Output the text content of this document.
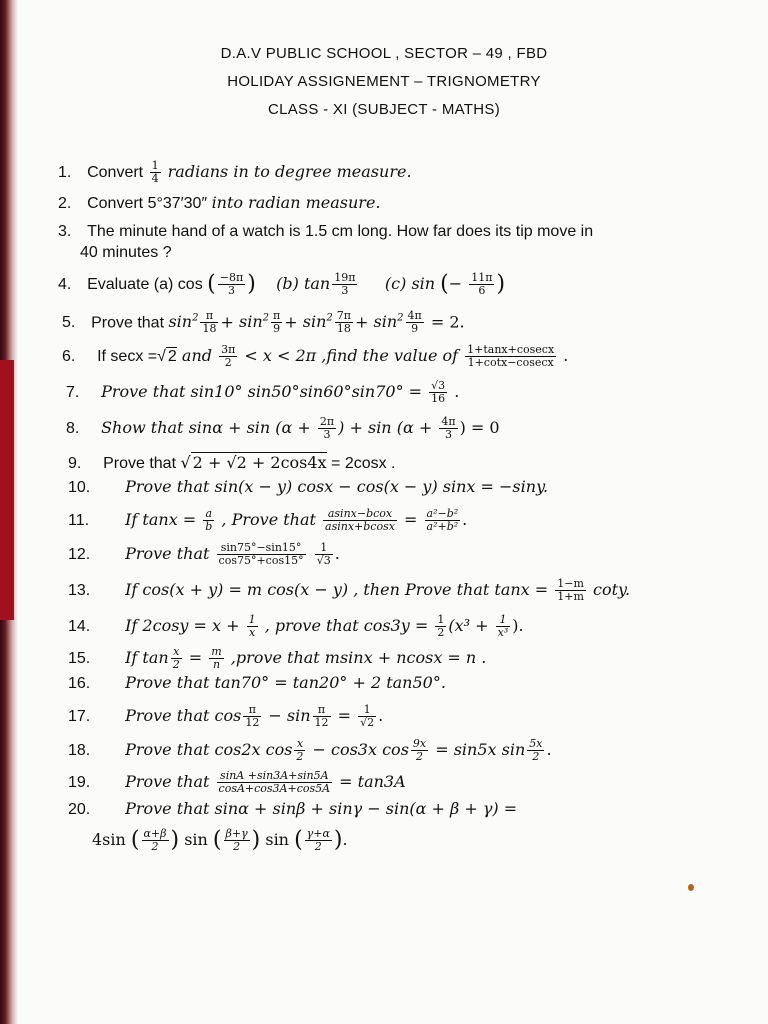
D.A.V PUBLIC SCHOOL , SECTOR – 49 , FBD
HOLIDAY ASSIGNEMENT – TRIGNOMETRY
CLASS - XI (SUBJECT - MATHS)
1. Convert $\frac{1}{4}$ radians in to degree measure.
2. Convert 5°37′30″ into radian measure.
3. The minute hand of a watch is 1.5 cm long. How far does its tip move in
40 minutes ?
4. Evaluate (a) cos ( $\frac{-8\pi}{3}$ ) (b) $\tan \frac{19\pi}{3} (c)$ sin (− $\frac{11\pi}{6}$ )
5. Prove that $\sin^2 \frac{\pi}{18} + \sin^2 \frac{\pi}{9} + \sin^2 \frac{7\pi}{18} + \sin^2 \frac{4\pi}{9} = 2$.
6. If secx =√ 2 and $\frac{3\pi}{2} < x < 2\pi$ ,find the value of $\frac{1+\tan x+cosecx}{1+\cot x-cosecx}$ .
7. Prove that sin10° $\sin 50^\circ\sin 60^\circ\sin 70^\circ = \frac{√3}{16}$ .
8. Show that $\sin\alpha + \sin (\alpha + \frac{2\pi}{3}$ ) + $\sin (\alpha + \frac{4\pi}{3}$ ) = 0
9. Prove that √ 2 + √2 + 2cos4x = 2cosx .
10. Prove that sin(x − y) cosx − cos(x − y) sinx = −siny.
11. If $\tan x = \frac{a}{b}$ , Prove that $\frac{\text{asinx−bcox}}{asinx+bcosx} = \frac{\text{a²−b²}}{\text{a²+b²}}$ .
12. Prove that $\frac{\sin 75^\circ-\sin 15^\circ}{\cos 75^\circ+\cos 15^\circ}$
$\frac{1}{√3}$ .
13. If cos(x + y) = m cos(x − y) , then Prove that $\tan x = \frac{1-m}{1+m} \cot y$.
14. If $2\cos y = x + \frac{1}{x}$ , prove that $\cos 3y = \frac{1}{2} (x^3 + \frac{1}{\text{x³}}$ ).
15. If $\tan \frac{x}{2} = \frac{m}{n}$ ,prove that msinx + ncosx = n .
16. Prove that tan70° = tan20° + 2 tan50°.
17. Prove that $\cos \frac{\pi}{12} - \sin \frac{\pi}{12} = \frac{1}{√2}$ .
18. Prove that cos2x $\cos \frac{x}{2} - \cos 3x$ $\cos \frac{9x}{2} = \sin 5x$ $\sin \frac{5x}{2}$ .
19. Prove that $\frac{\sin A +\sin 3A+\sin 5A}{\cos A+\cos 3A+\cos 5A} = \tan 3A$
20. Prove that sinα + sinβ + sinγ − sin(α + β + γ) =
4sin ( $\frac{\alpha+\beta}{2}$ ) sin ( $\frac{\beta+\gamma}{2}$ ) sin ( $\frac{\gamma+\alpha}{2}$ ).
